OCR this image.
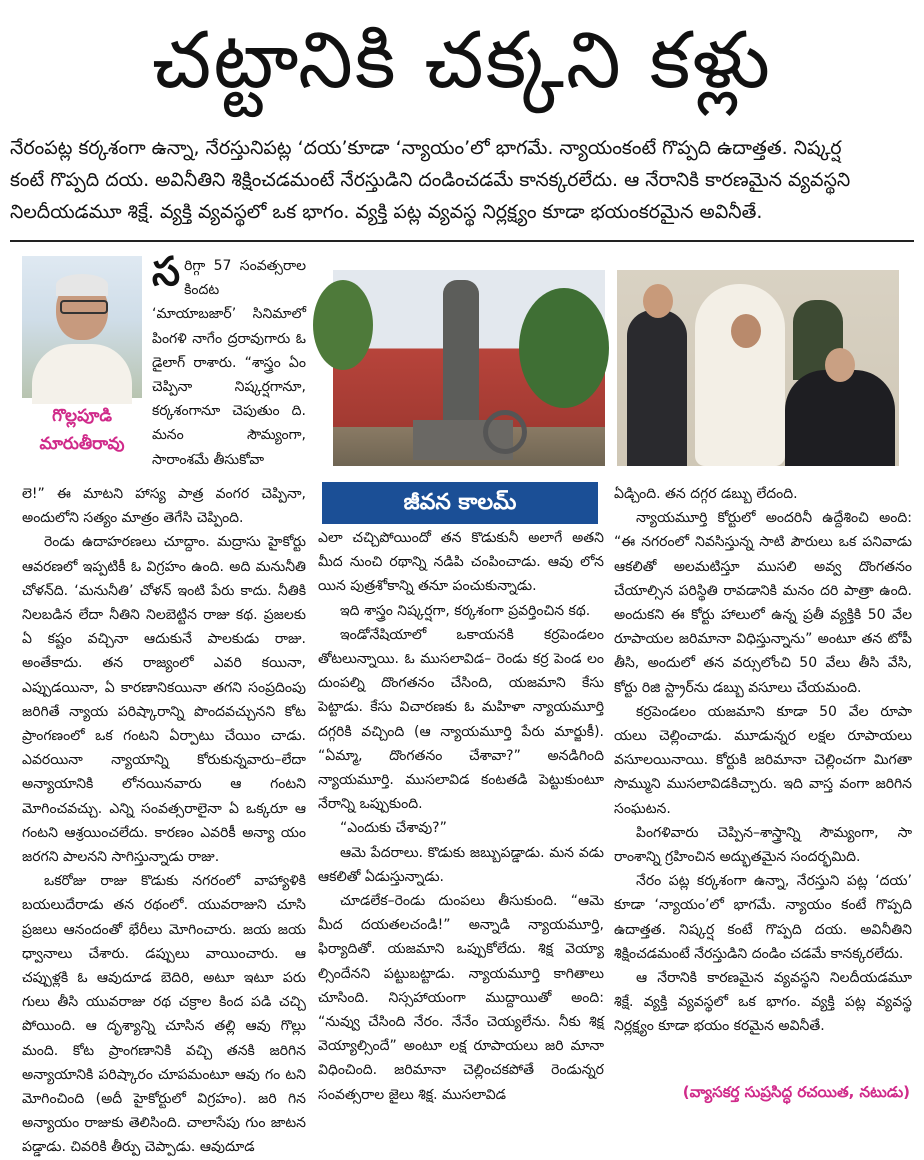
చట్టానికి చక్కని కళ్లు

నేరంపట్ల కర్కశంగా ఉన్నా, నేరస్తునిపట్ల ‘దయ’కూడా ‘న్యాయం’లో భాగమే. న్యాయంకంటే గొప్పది ఉదాత్తత. నిష్కర్ష

కంటే గొప్పది దయ. అవినీతిని శిక్షించడమంటే నేరస్తుడిని దండించడమే కానక్కరలేదు. ఆ నేరానికి కారణమైన వ్యవస్థని

నిలదీయడమూ శిక్షే. వ్యక్తి వ్యవస్థలో ఒక భాగం. వ్యక్తి పట్ల వ్యవస్థ నిర్లక్ష్యం కూడా భయంకరమైన అవినీతే.

గొల్లపూడి
మారుతీరావు

సరిగ్గా 57 సంవత్సరాల కిందట ‘మాయాబజార్’ సినిమాలో పింగళి నాగేం ద్రరావుగారు ఓ డైలాగ్ రాశారు. “శాస్త్రం ఏం చెప్పినా నిష్కర్షగానూ, కర్కశంగానూ చెపుతుం ది. మనం సౌమ్యంగా, సారాంశమే తీసుకోవా

లె!” ఈ మాటని హాస్య పాత్ర వంగర చెప్పినా, అందులోని సత్యం మాత్రం తెగేసి చెప్పింది.

రెండు ఉదాహరణలు చూద్దాం. మద్రాసు హైకోర్టు ఆవరణలో ఇప్పటికీ ఓ విగ్రహం ఉంది. అది మనునీతి చోళన్‌ది. ‘మనునీతి’ చోళన్ ఇంటి పేరు కాదు. నీతికి నిలబడిన లేదా నీతిని నిలబెట్టిన రాజు కథ. ప్రజలకు ఏ కష్టం వచ్చినా ఆదుకునే పాలకుడు రాజు. అంతేకాదు. తన రాజ్యంలో ఎవరి కయినా, ఎప్పుడయినా, ఏ కారణానికయినా తగని సంప్రదింపు జరిగితే న్యాయ పరిష్కారాన్ని పొందవచ్చునని కోట ప్రాంగణంలో ఒక గంటని ఏర్పాటు చేయిం చాడు. ఎవరయినా న్యాయాన్ని కోరుకున్నవారు–లేదా అన్యాయానికి లోనయినవారు ఆ గంటని మోగించవచ్చు. ఎన్ని సంవత్సరాలైనా ఏ ఒక్కరూ ఆ గంటని ఆశ్రయించలేదు. కారణం ఎవరికీ అన్యా యం జరగని పాలనని సాగిస్తున్నాడు రాజు.

ఒకరోజు రాజు కొడుకు నగరంలో వాహ్యాళికి బయలుదేరాడు తన రథంలో. యువరాజుని చూసి ప్రజలు ఆనందంతో భేరీలు మోగించారు. జయ జయ ధ్వానాలు చేశారు. డప్పులు వాయించారు. ఆ చప్పుళ్లకి ఓ ఆవుదూడ బెదిరి, అటూ ఇటూ పరు గులు తీసి యువరాజు రథ చక్రాల కింద పడి చచ్చి పోయింది. ఆ దృశ్యాన్ని చూసిన తల్లి ఆవు గొల్లు మంది. కోట ప్రాంగణానికి వచ్చి తనకి జరిగిన అన్యాయానికి పరిష్కారం చూపమంటూ ఆవు గం టని మోగించింది (అదీ హైకోర్టులో విగ్రహం). జరి గిన అన్యాయం రాజుకు తెలిసింది. చాలాసేపు గుం జాటన పడ్డాడు. చివరికి తీర్పు చెప్పాడు. ఆవుదూడ

జీవన కాలమ్

ఎలా చచ్చిపోయిందో తన కొడుకునీ అలాగే అతని మీద నుంచి రథాన్ని నడిపి చంపించాడు. ఆవు లోన యిన పుత్రశోకాన్ని తనూ పంచుకున్నాడు.

ఇది శాస్త్రం నిష్కర్షగా, కర్కశంగా ప్రవర్తించిన కథ.

ఇండోనేషియాలో ఒకాయనకి కర్రపెండలం తోటలున్నాయి. ఓ ముసలావిడ– రెండు కర్ర పెండ లం దుంపల్ని దొంగతనం చేసింది, యజమాని కేసు పెట్టాడు. కేసు విచారణకు ఓ మహిళా న్యాయమూర్తి దగ్గరికి వచ్చింది (ఆ న్యాయమూర్తి పేరు మార్జుకీ). “ఏమ్మా, దొంగతనం చేశావా?” అనడిగింది న్యాయమూర్తి. ముసలావిడ కంటతడి పెట్టుకుంటూ నేరాన్ని ఒప్పుకుంది.

“ఎందుకు చేశావు?”

ఆమె పేదరాలు. కొడుకు జబ్బుపడ్డాడు. మన వడు ఆకలితో ఏడుస్తున్నాడు.

చూడలేక–రెండు దుంపలు తీసుకుంది. “ఆమె మీద దయతలచండి!” అన్నాడి న్యాయమూర్తి, ఫిర్యాదితో. యజమాని ఒప్పుకోలేదు. శిక్ష వెయ్యా ల్సిందేనని పట్టుబట్టాడు. న్యాయమూర్తి కాగితాలు చూసింది. నిస్సహాయంగా ముద్దాయితో అంది: “నువ్వు చేసింది నేరం. నేనేం చెయ్యలేను. నీకు శిక్ష వెయ్యాల్సిందే” అంటూ లక్ష రూపాయలు జరి మానా విధించింది. జరిమానా చెల్లించకపోతే రెండున్నర సంవత్సరాల జైలు శిక్ష. ముసలావిడ

ఏడ్చింది. తన దగ్గర డబ్బు లేదంది.

న్యాయమూర్తి కోర్టులో అందరినీ ఉద్దేశించి అంది: “ఈ నగరంలో నివసిస్తున్న సాటి పౌరులు ఒక పనివాడు ఆకలితో అలమటిస్తూ ముసలి అవ్వ దొంగతనం చేయాల్సిన పరిస్థితి రావడానికి మనం దరి పాత్రా ఉంది. అందుకని ఈ కోర్టు హాలులో ఉన్న ప్రతీ వ్యక్తికి 50 వేల రూపాయల జరిమానా విధిస్తున్నాను” అంటూ తన టోపీ తీసి, అందులో తన వర్సులోంచి 50 వేలు తీసి వేసి, కోర్టు రిజి స్ట్రార్‌ను డబ్బు వసూలు చేయమంది.

కర్రపెండలం యజమాని కూడా 50 వేల రూపా యలు చెల్లించాడు. మూడున్నర లక్షల రూపాయలు వసూలయినాయి. కోర్టుకి జరిమానా చెల్లించగా మిగతా సొమ్ముని ముసలావిడకిచ్చారు. ఇది వాస్త వంగా జరిగిన సంఘటన.

పింగళివారు చెప్పిన–శాస్త్రాన్ని సౌమ్యంగా, సా రాంశాన్ని గ్రహించిన అద్భుతమైన సందర్భమిది.

నేరం పట్ల కర్కశంగా ఉన్నా, నేరస్తుని పట్ల ‘దయ’ కూడా ‘న్యాయం’లో భాగమే. న్యాయం కంటే గొప్పది ఉదాత్తత. నిష్కర్ష కంటే గొప్పది దయ. అవినీతిని శిక్షించడమంటే నేరస్తుడిని దండిం చడమే కానక్కరలేదు.

ఆ నేరానికి కారణమైన వ్యవస్థని నిలదీయడమూ శిక్షే. వ్యక్తి వ్యవస్థలో ఒక భాగం. వ్యక్తి పట్ల వ్యవస్థ నిర్లక్ష్యం కూడా భయం కరమైన అవినీతే.

(వ్యాసకర్త సుప్రసిద్ధ రచయిత, నటుడు)
